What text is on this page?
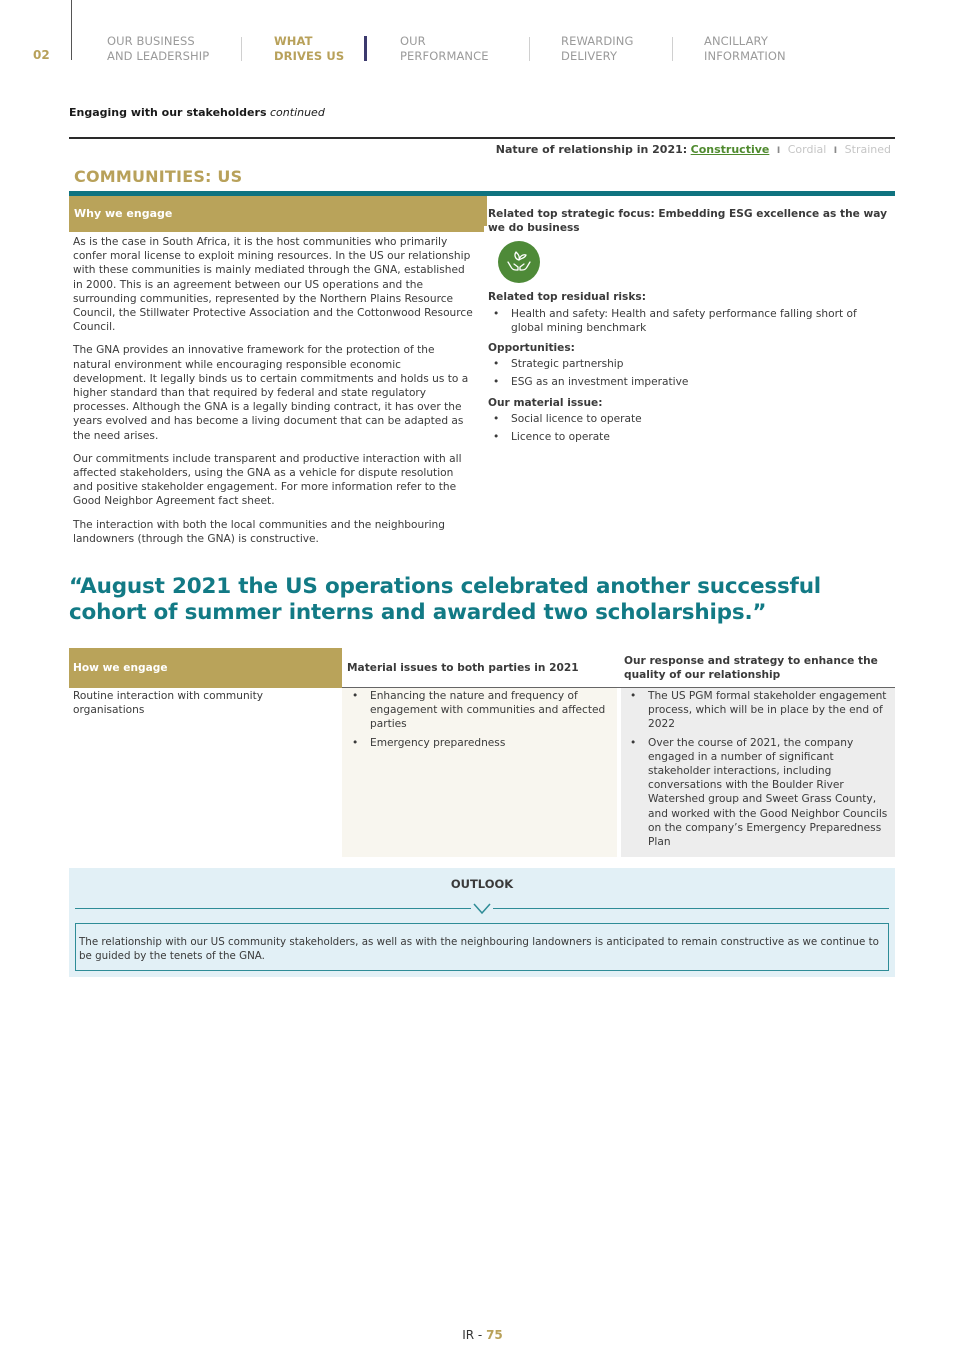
02
OUR BUSINESS
AND LEADERSHIP
WHAT
DRIVES US
OUR
PERFORMANCE
REWARDING
DELIVERY
ANCILLARY
INFORMATION
Engaging with our stakeholders continued
Nature of relationship in 2021: Constructive I Cordial I Strained
COMMUNITIES: US
Why we engage

As is the case in South Africa, it is the host communities who primarily confer moral license to exploit mining resources. In the US our relationship with these communities is mainly mediated through the GNA, established in 2000. This is an agreement between our US operations and the surrounding communities, represented by the Northern Plains Resource Council, the Stillwater Protective Association and the Cottonwood Resource Council.

The GNA provides an innovative framework for the protection of the natural environment while encouraging responsible economic development. It legally binds us to certain commitments and holds us to a higher standard than that required by federal and state regulatory processes. Although the GNA is a legally binding contract, it has over the years evolved and has become a living document that can be adapted as the need arises.

Our commitments include transparent and productive interaction with all affected stakeholders, using the GNA as a vehicle for dispute resolution and positive stakeholder engagement. For more information refer to the Good Neighbor Agreement fact sheet.

The interaction with both the local communities and the neighbouring landowners (through the GNA) is constructive.

Related top strategic focus: Embedding ESG excellence as the way we do business
Related top residual risks:
• Health and safety: Health and safety performance falling short of global mining benchmark
Opportunities:
• Strategic partnership
• ESG as an investment imperative
Our material issue:
• Social licence to operate
• Licence to operate
“August 2021 the US operations celebrated another successful cohort of summer interns and awarded two scholarships.”
How we engage	Material issues to both parties in 2021
Our response and strategy to enhance the quality of our relationship
Routine interaction with community organisations
• Enhancing the nature and frequency of engagement with communities and affected parties
• Emergency preparedness
• The US PGM formal stakeholder engagement process, which will be in place by the end of 2022
• Over the course of 2021, the company engaged in a number of significant stakeholder interactions, including conversations with the Boulder River Watershed group and Sweet Grass County, and worked with the Good Neighbor Councils on the company’s Emergency Preparedness Plan
OUTLOOK
The relationship with our US community stakeholders, as well as with the neighbouring landowners is anticipated to remain constructive as we continue to be guided by the tenets of the GNA.
IR - 75
